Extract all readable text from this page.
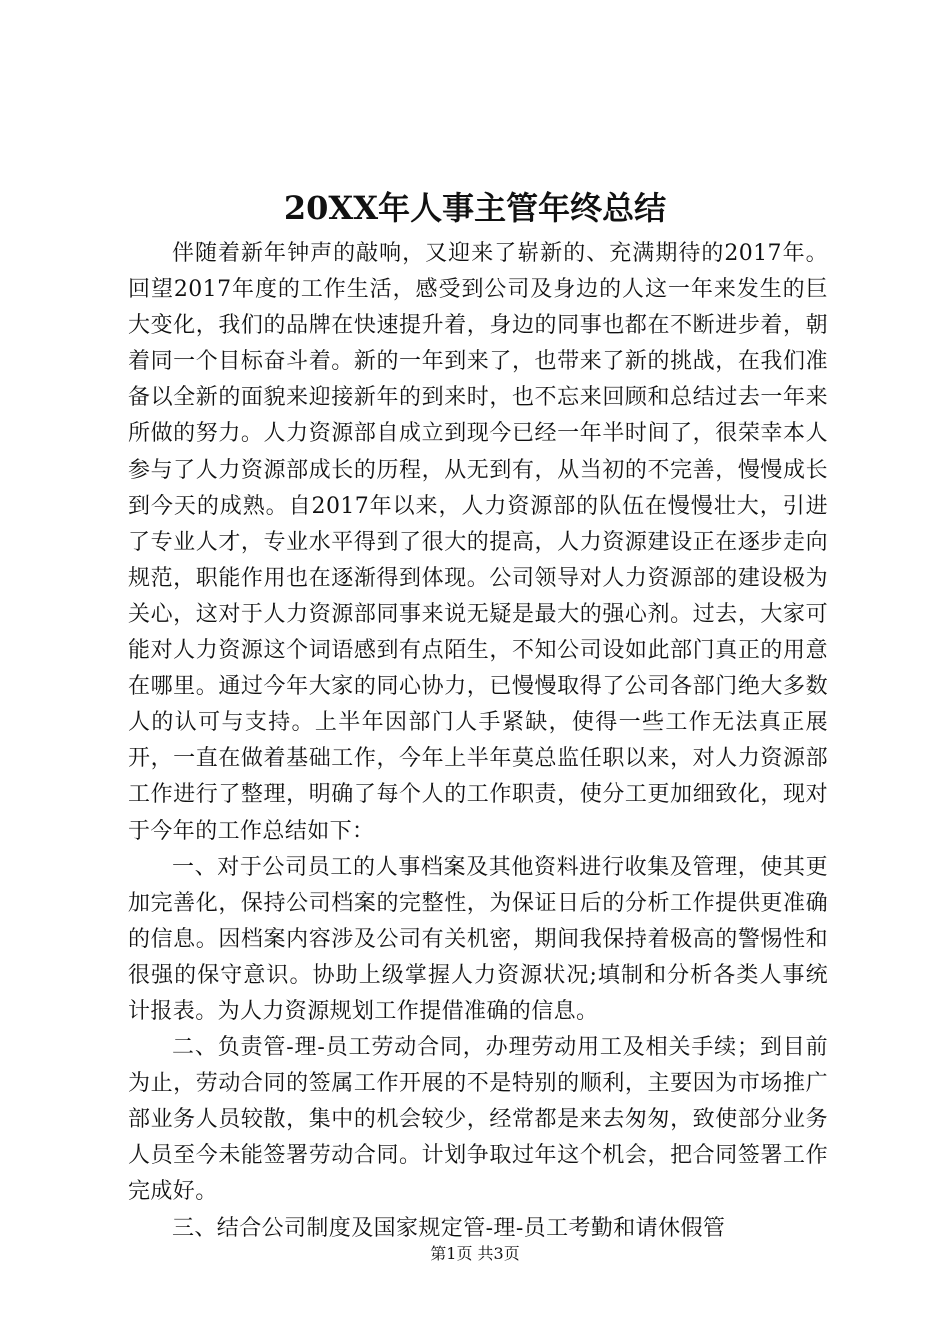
20XX年人事主管年终总结

伴随着新年钟声的敲响，又迎来了崭新的、充满期待的2017年。回望2017年度的工作生活，感受到公司及身边的人这一年来发生的巨大变化，我们的品牌在快速提升着，身边的同事也都在不断进步着，朝着同一个目标奋斗着。新的一年到来了，也带来了新的挑战，在我们准备以全新的面貌来迎接新年的到来时，也不忘来回顾和总结过去一年来所做的努力。人力资源部自成立到现今已经一年半时间了，很荣幸本人参与了人力资源部成长的历程，从无到有，从当初的不完善，慢慢成长到今天的成熟。自2017年以来，人力资源部的队伍在慢慢壮大，引进了专业人才，专业水平得到了很大的提高，人力资源建设正在逐步走向规范，职能作用也在逐渐得到体现。公司领导对人力资源部的建设极为关心，这对于人力资源部同事来说无疑是最大的强心剂。过去，大家可能对人力资源这个词语感到有点陌生，不知公司设如此部门真正的用意在哪里。通过今年大家的同心协力，已慢慢取得了公司各部门绝大多数人的认可与支持。上半年因部门人手紧缺，使得一些工作无法真正展开，一直在做着基础工作，今年上半年莫总监任职以来，对人力资源部工作进行了整理，明确了每个人的工作职责，使分工更加细致化，现对于今年的工作总结如下：

一、对于公司员工的人事档案及其他资料进行收集及管理，使其更加完善化，保持公司档案的完整性，为保证日后的分析工作提供更准确的信息。因档案内容涉及公司有关机密，期间我保持着极高的警惕性和很强的保守意识。协助上级掌握人力资源状况;填制和分析各类人事统计报表。为人力资源规划工作提借准确的信息。

二、负责管-理-员工劳动合同，办理劳动用工及相关手续；到目前为止，劳动合同的签属工作开展的不是特别的顺利，主要因为市场推广部业务人员较散，集中的机会较少，经常都是来去匆匆，致使部分业务人员至今未能签署劳动合同。计划争取过年这个机会，把合同签署工作完成好。

三、结合公司制度及国家规定管-理-员工考勤和请休假管

第1页 共3页
